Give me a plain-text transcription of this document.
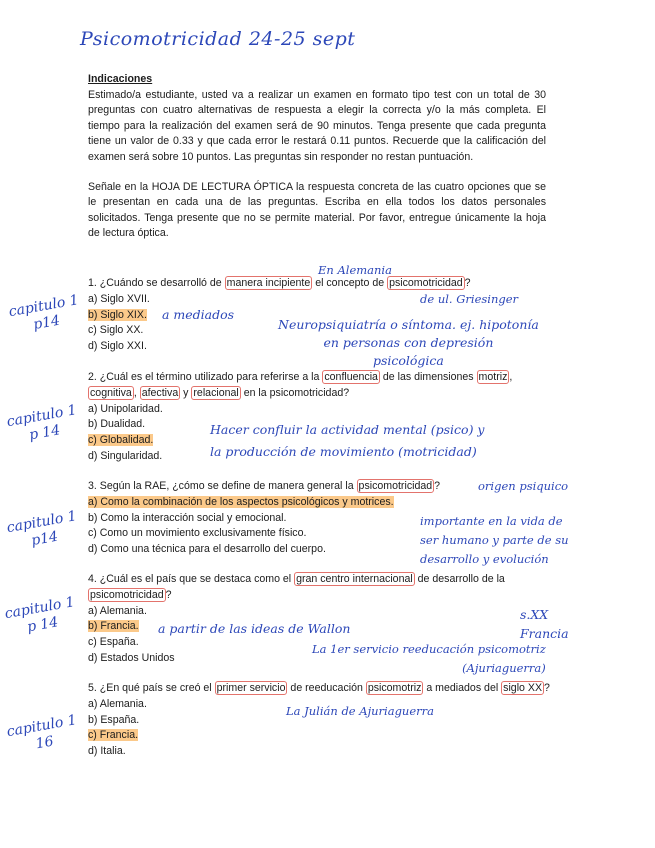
Psicomotricidad 24-25 sept
Indicaciones

Estimado/a estudiante, usted va a realizar un examen en formato tipo test con un total de 30 preguntas con cuatro alternativas de respuesta a elegir la correcta y/o la más completa. El tiempo para la realización del examen será de 90 minutos. Tenga presente que cada pregunta tiene un valor de 0.33 y que cada error le restará 0.11 puntos. Recuerde que la calificación del examen será sobre 10 puntos. Las preguntas sin responder no restan puntuación.

Señale en la HOJA DE LECTURA ÓPTICA la respuesta concreta de las cuatro opciones que se le presentan en cada una de las preguntas. Escriba en ella todos los datos personales solicitados. Tenga presente que no se permite material. Por favor, entregue únicamente la hoja de lectura óptica.

1. ¿Cuándo se desarrolló de manera incipiente el concepto de psicomotricidad ?

a) Siglo XVII.
b) Siglo XIX.
c) Siglo XX.
d) Siglo XXI.

2. ¿Cuál es el término utilizado para referirse a la confluencia de las dimensiones motriz , cognitiva , afectiva y relacional en la psicomotricidad?

a) Unipolaridad.
b) Dualidad.
c) Globalidad.
d) Singularidad.

3. Según la RAE, ¿cómo se define de manera general la psicomotricidad ?

a) Como la combinación de los aspectos psicológicos y motrices.
b) Como la interacción social y emocional.
c) Como un movimiento exclusivamente físico.
d) Como una técnica para el desarrollo del cuerpo.

4. ¿Cuál es el país que se destaca como el gran centro internacional de desarrollo de la psicomotricidad ?

a) Alemania.
b) Francia.
c) España.
d) Estados Unidos

5. ¿En qué país se creó el primer servicio de reeducación psicomotriz a mediados del siglo XX ?

a) Alemania.
b) España.
c) Francia.
d) Italia.
capitulo 1
p14
capitulo 1
p 14
capitulo 1
p14
capitulo 1
p 14
capitulo 1
16
En Alemania
de ul. Griesinger
a mediados
Neuropsiquiatría o síntoma. ej. hipotonía
en personas con depresión
psicológica
Hacer confluir la actividad mental (psico) y
la producción de movimiento (motricidad)
origen psiquico
importante en la vida de
ser humano y parte de su
desarrollo y evolución
a partir de las ideas de Wallon
s.XX
Francia
La 1er servicio reeducación psicomotriz
(Ajuriaguerra)
La Julián de Ajuriaguerra
